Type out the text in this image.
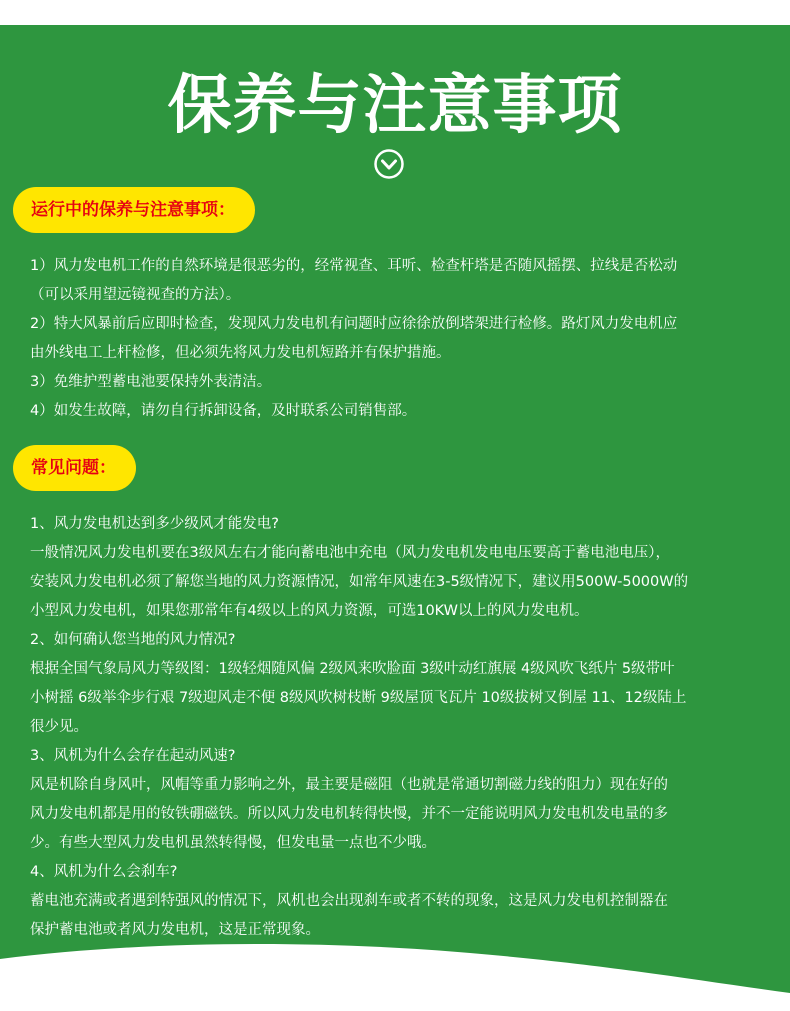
保养与注意事项
运行中的保养与注意事项：
1）风力发电机工作的自然环境是很恶劣的，经常视查、耳听、检查杆塔是否随风摇摆、拉线是否松动
（可以采用望远镜视查的方法）。
2）特大风暴前后应即时检查，发现风力发电机有问题时应徐徐放倒塔架进行检修。路灯风力发电机应
由外线电工上杆检修，但必须先将风力发电机短路并有保护措施。
3）免维护型蓄电池要保持外表清洁。
4）如发生故障，请勿自行拆卸设备，及时联系公司销售部。
常见问题：
1、风力发电机达到多少级风才能发电?
一般情况风力发电机要在3级风左右才能向蓄电池中充电（风力发电机发电电压要高于蓄电池电压），
安装风力发电机必须了解您当地的风力资源情况，如常年风速在3-5级情况下，建议用500W-5000W的
小型风力发电机，如果您那常年有4级以上的风力资源，可选10KW以上的风力发电机。
2、如何确认您当地的风力情况?
根据全国气象局风力等级图：1级轻烟随风偏 2级风来吹脸面 3级叶动红旗展 4级风吹飞纸片 5级带叶
小树摇 6级举伞步行艰 7级迎风走不便 8级风吹树枝断 9级屋顶飞瓦片 10级拔树又倒屋 11、12级陆上
很少见。
3、风机为什么会存在起动风速?
风是机除自身风叶，风帽等重力影响之外，最主要是磁阻（也就是常通切割磁力线的阻力）现在好的
风力发电机都是用的钕铁硼磁铁。所以风力发电机转得快慢，并不一定能说明风力发电机发电量的多
少。有些大型风力发电机虽然转得慢，但发电量一点也不少哦。
4、风机为什么会刹车?
蓄电池充满或者遇到特强风的情况下，风机也会出现刹车或者不转的现象，这是风力发电机控制器在
保护蓄电池或者风力发电机，这是正常现象。
